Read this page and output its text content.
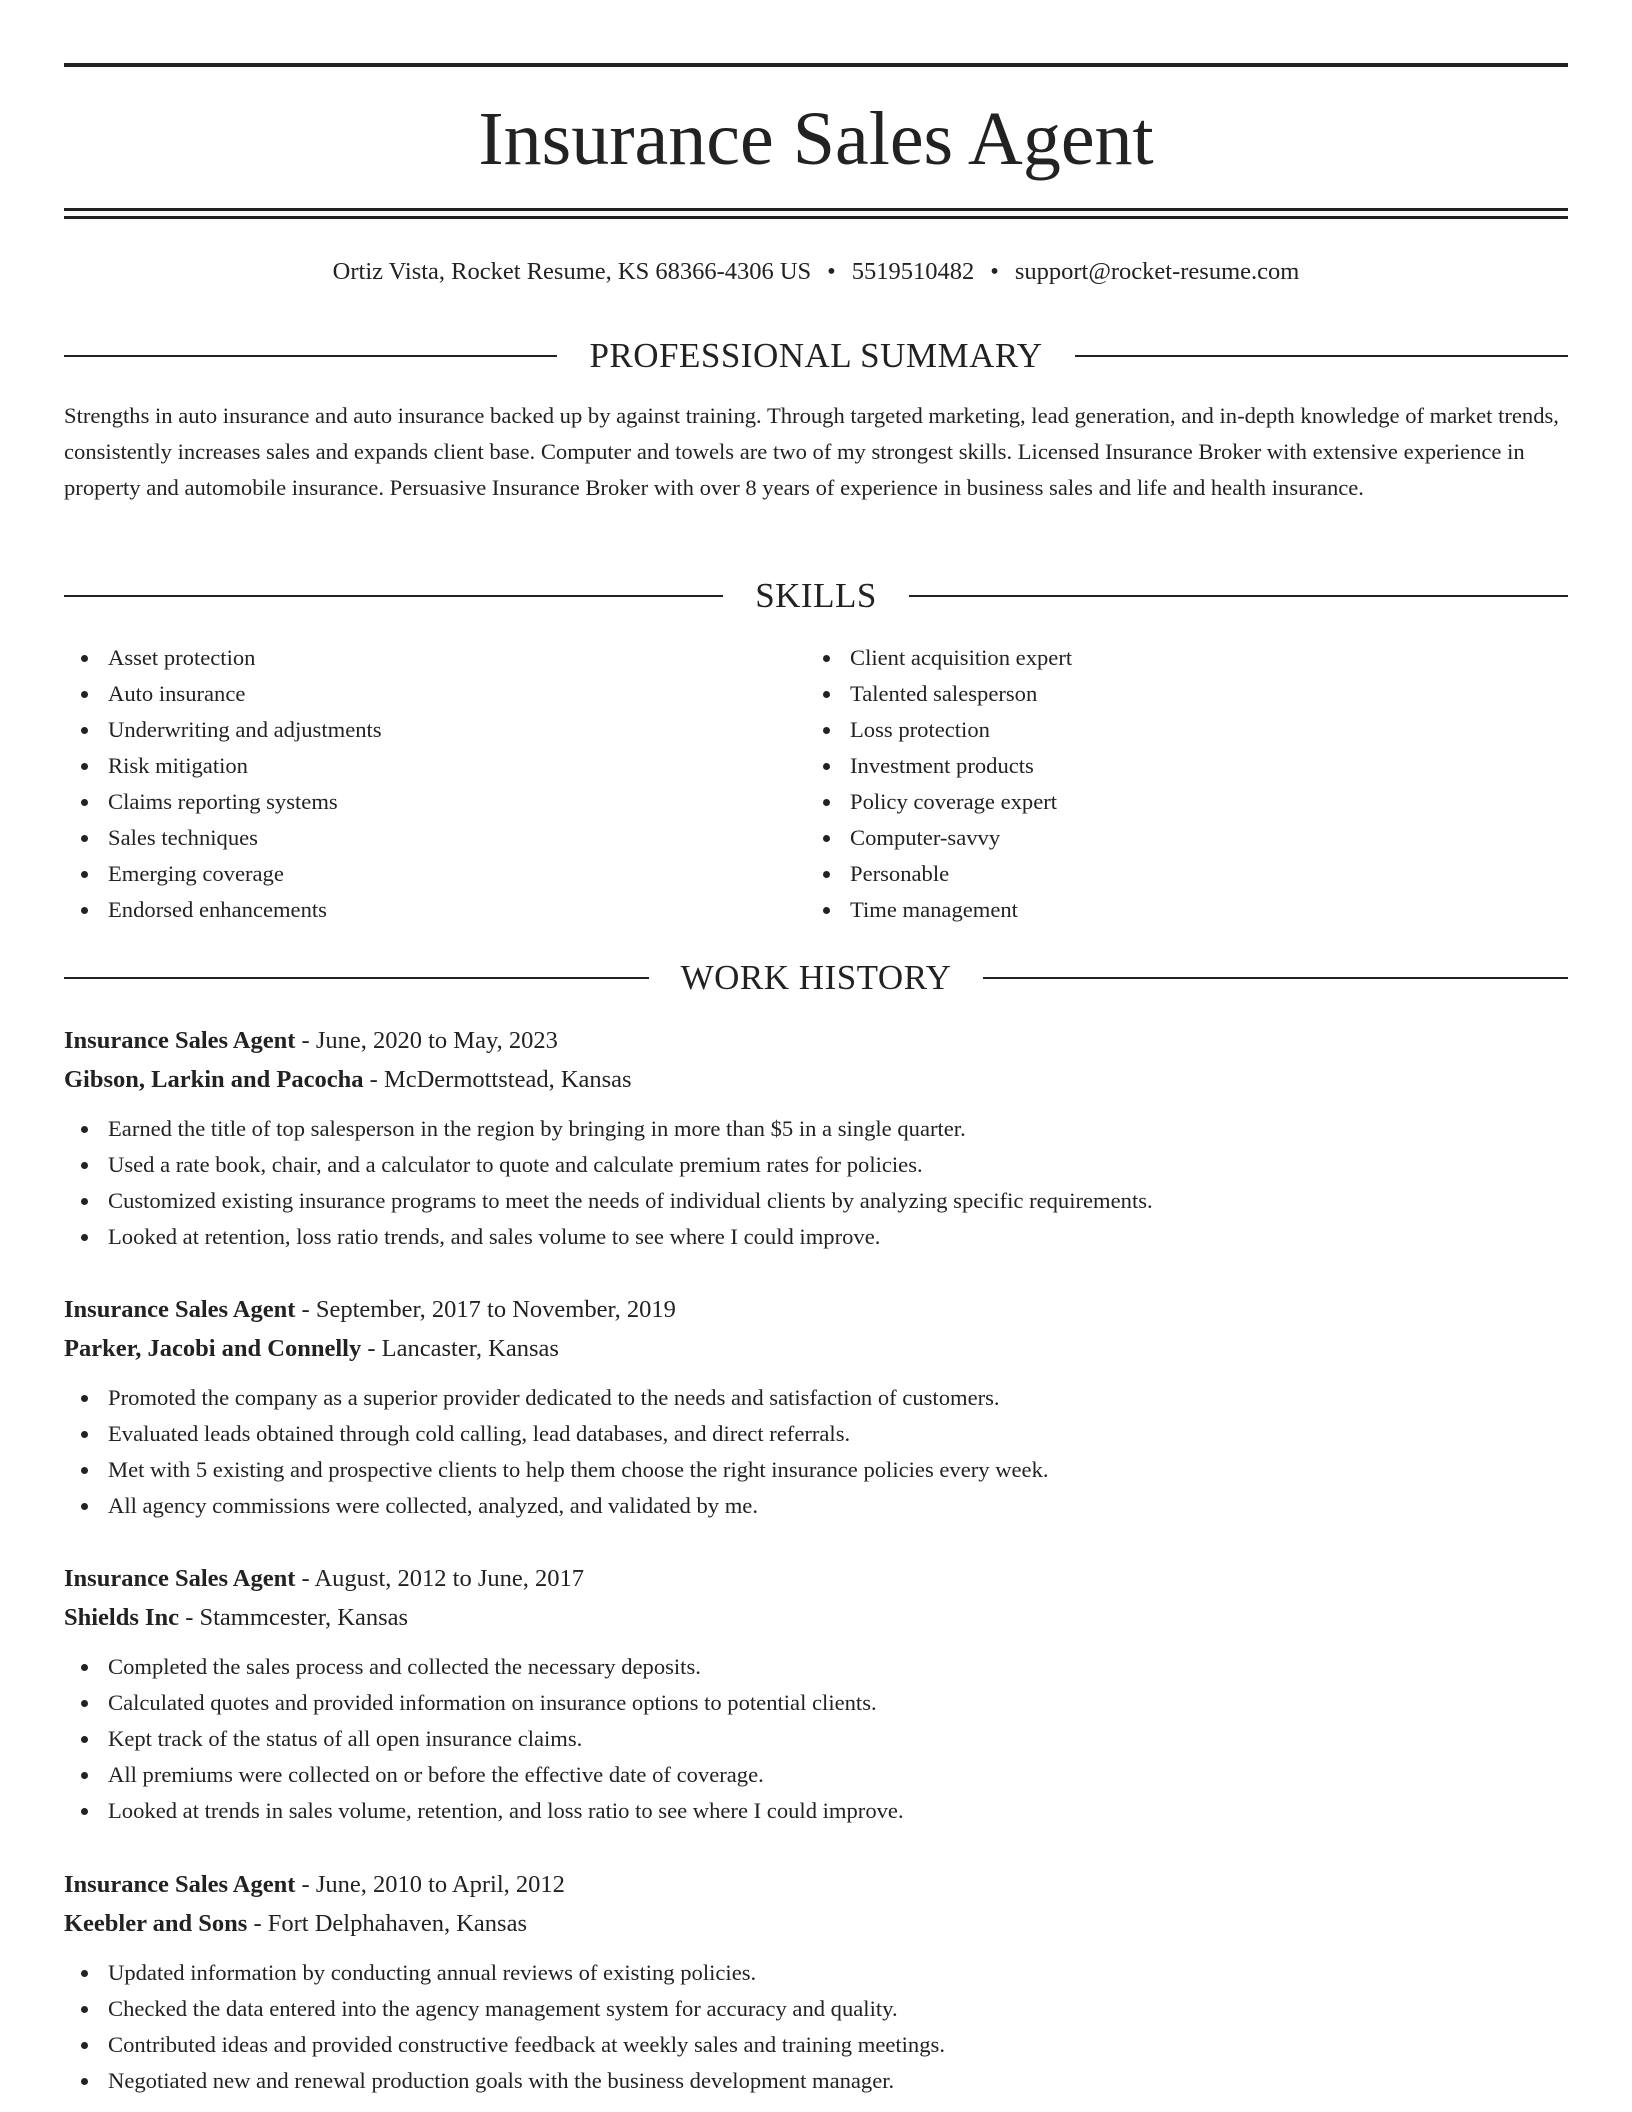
Insurance Sales Agent
Ortiz Vista, Rocket Resume, KS 68366-4306 US • 5519510482 • support@rocket-resume.com
PROFESSIONAL SUMMARY

Strengths in auto insurance and auto insurance backed up by against training. Through targeted marketing, lead generation, and in-depth knowledge of market trends, consistently increases sales and expands client base. Computer and towels are two of my strongest skills. Licensed Insurance Broker with extensive experience in property and automobile insurance. Persuasive Insurance Broker with over 8 years of experience in business sales and life and health insurance.

SKILLS
Asset protection
Auto insurance
Underwriting and adjustments
Risk mitigation
Claims reporting systems
Sales techniques
Emerging coverage
Endorsed enhancements
Client acquisition expert
Talented salesperson
Loss protection
Investment products
Policy coverage expert
Computer-savvy
Personable
Time management
WORK HISTORY
Insurance Sales Agent - June, 2020 to May, 2023
Gibson, Larkin and Pacocha - McDermottstead, Kansas
Earned the title of top salesperson in the region by bringing in more than $5 in a single quarter.
Used a rate book, chair, and a calculator to quote and calculate premium rates for policies.
Customized existing insurance programs to meet the needs of individual clients by analyzing specific requirements.
Looked at retention, loss ratio trends, and sales volume to see where I could improve.
Insurance Sales Agent - September, 2017 to November, 2019
Parker, Jacobi and Connelly - Lancaster, Kansas
Promoted the company as a superior provider dedicated to the needs and satisfaction of customers.
Evaluated leads obtained through cold calling, lead databases, and direct referrals.
Met with 5 existing and prospective clients to help them choose the right insurance policies every week.
All agency commissions were collected, analyzed, and validated by me.
Insurance Sales Agent - August, 2012 to June, 2017
Shields Inc - Stammcester, Kansas
Completed the sales process and collected the necessary deposits.
Calculated quotes and provided information on insurance options to potential clients.
Kept track of the status of all open insurance claims.
All premiums were collected on or before the effective date of coverage.
Looked at trends in sales volume, retention, and loss ratio to see where I could improve.
Insurance Sales Agent - June, 2010 to April, 2012
Keebler and Sons - Fort Delphahaven, Kansas
Updated information by conducting annual reviews of existing policies.
Checked the data entered into the agency management system for accuracy and quality.
Contributed ideas and provided constructive feedback at weekly sales and training meetings.
Negotiated new and renewal production goals with the business development manager.
